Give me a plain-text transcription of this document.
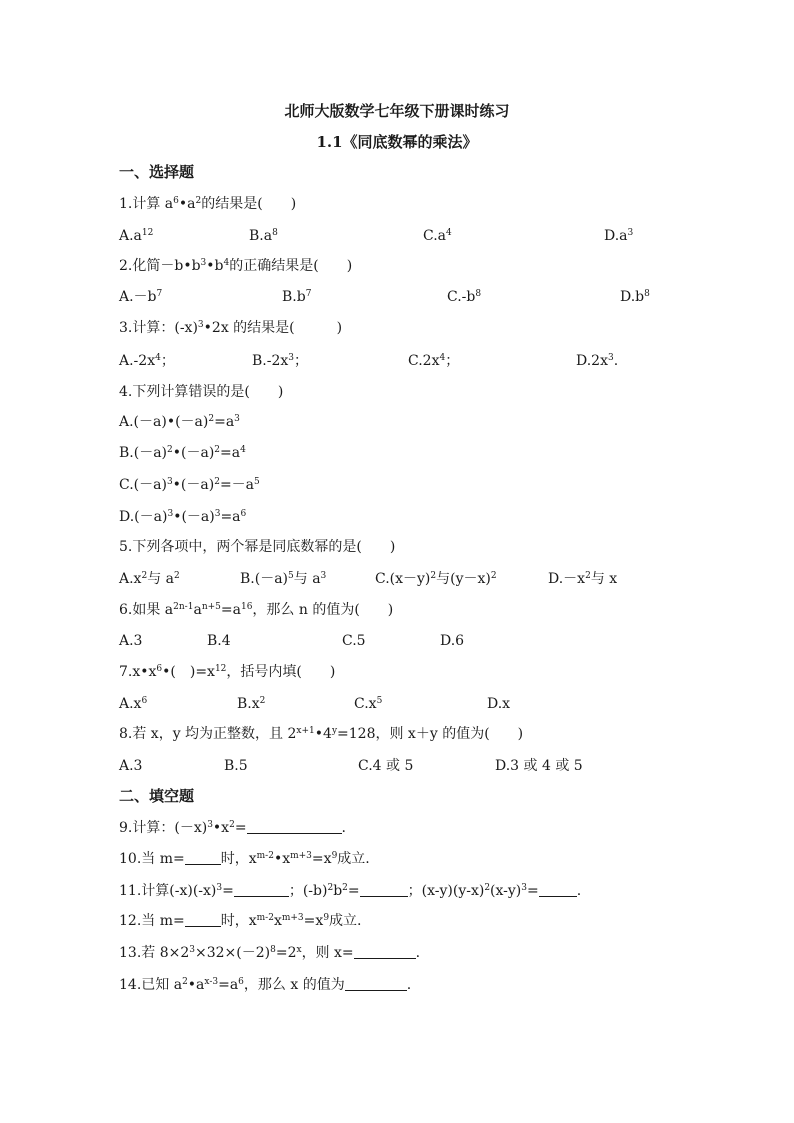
北师大版数学七年级下册课时练习
1.1《同底数幂的乘法》
一、选择题
1.计算 $a^6•a^2$的结果是(　　)
$A.a^{12}$	$B.a^8$	$C.a^4$	$D.a^3$
2.化简$-b•b^3•b^4$的正确结果是(　　)
$A.-b^7$	$B.b^7$	$C.-b^8$	$D.b^8$
3.计算：$(-x)^3•2x$ 的结果是(　　　)
$A.-2x^4$；	$B.-2x^3$；	$C.2x^4$；	$D.2x^3$.
4.下列计算错误的是(　　)
$A.(-a)•(-a)^2=a^3$
$B.(-a)^2•(-a)^2=a^4$
$C.(-a)^3•(-a)^2=-a^5$
$D.(-a)^3•(-a)^3=a^6$
5.下列各项中，两个幂是同底数幂的是(　　)
$A.x^2$与 $a^2$	$B.(-a)^5$与 $a^3$	$C.(x-y)^2$与$(y-x)^2$	$D.-x^2$与 x
6.如果 $a^{2n-1}a^{n+5}=a^{16}$，那么 n 的值为(　　)
A.3	B.4	C.5	D.6
$7.x•x^6•$(　)$=x^{12}$，括号内填(　　)
$A.x^6$	$B.x^2$	$C.x^5$	D.x
8.若 x，y 均为正整数，且 $2^{x+1}•4^y=128$，则 x＋y 的值为(　　)
A.3	B.5	C.4 或 5	D.3 或 4 或 5
二、填空题
9.计算：$(-x)^3•x^2=$	.
10.当 m=	时，$x^{m-2}•x^{m+3}=x^9$成立.
11.计算$(-x)(-x)^3=$	；$(-b)^2b^2=$	；$(x-y)(y-x)^2(x-y)^3=$	.
12.当 m=	时，$x^{m-2}x^{m+3}=x^9$成立.
13.若 $8\times 2^3\times 32\times(-2)^8=2^x$，则 x=	.
14.已知 $a^2•a^{x-3}=a^6$，那么 x 的值为	.
